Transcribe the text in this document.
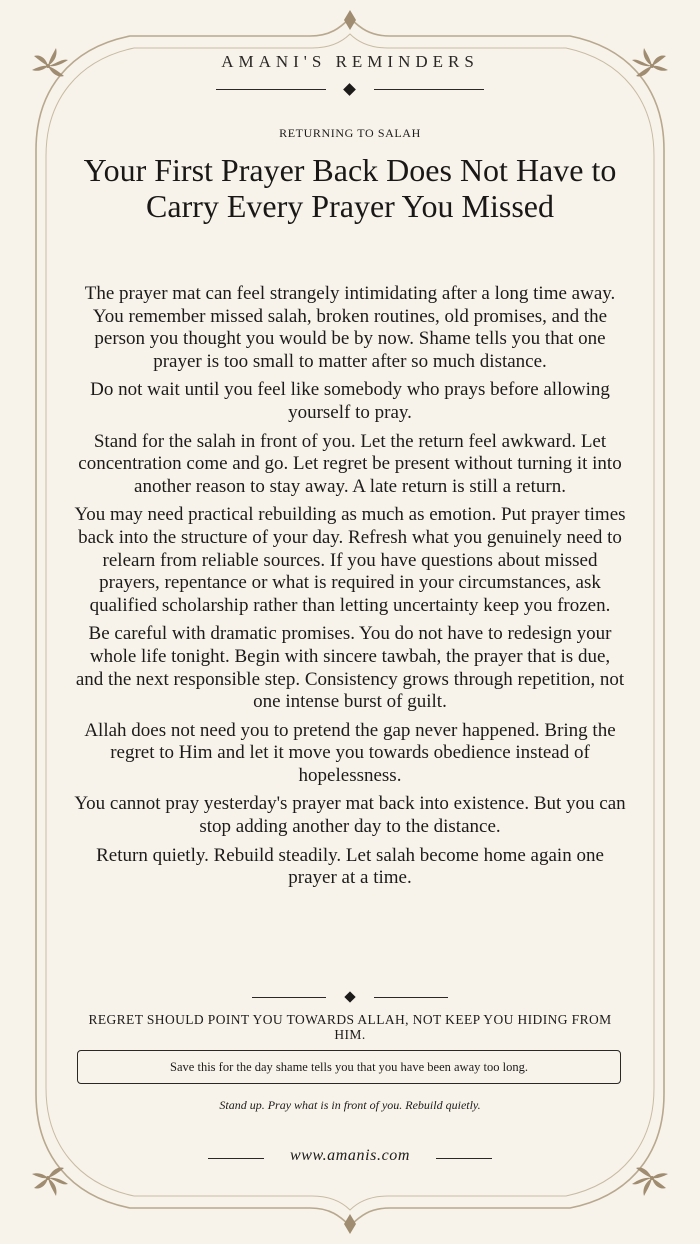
AMANI'S REMINDERS
RETURNING TO SALAH
Your First Prayer Back Does Not Have to Carry Every Prayer You Missed

The prayer mat can feel strangely intimidating after a long time away. You remember missed salah, broken routines, old promises, and the person you thought you would be by now. Shame tells you that one prayer is too small to matter after so much distance.

Do not wait until you feel like somebody who prays before allowing yourself to pray.

Stand for the salah in front of you. Let the return feel awkward. Let concentration come and go. Let regret be present without turning it into another reason to stay away. A late return is still a return.

You may need practical rebuilding as much as emotion. Put prayer times back into the structure of your day. Refresh what you genuinely need to relearn from reliable sources. If you have questions about missed prayers, repentance or what is required in your circumstances, ask qualified scholarship rather than letting uncertainty keep you frozen.

Be careful with dramatic promises. You do not have to redesign your whole life tonight. Begin with sincere tawbah, the prayer that is due, and the next responsible step. Consistency grows through repetition, not one intense burst of guilt.

Allah does not need you to pretend the gap never happened. Bring the regret to Him and let it move you towards obedience instead of hopelessness.

You cannot pray yesterday's prayer mat back into existence. But you can stop adding another day to the distance.

Return quietly. Rebuild steadily. Let salah become home again one prayer at a time.

REGRET SHOULD POINT YOU TOWARDS ALLAH, NOT KEEP YOU HIDING FROM HIM.
Save this for the day shame tells you that you have been away too long.
Stand up. Pray what is in front of you. Rebuild quietly.
www.amanis.com
